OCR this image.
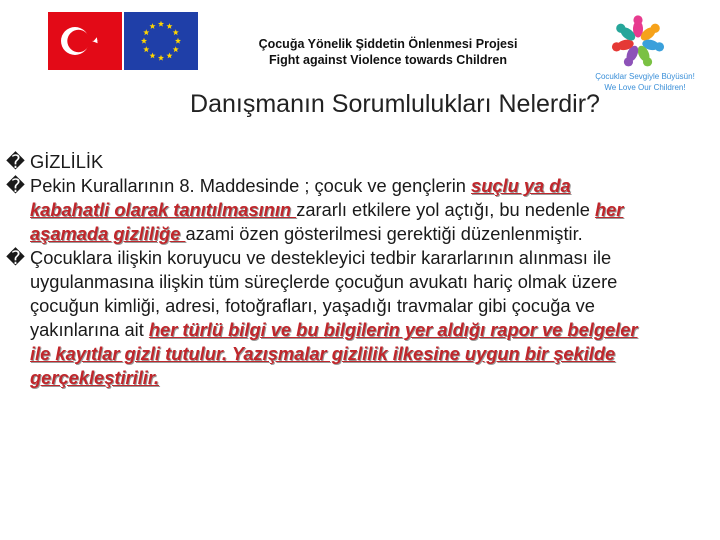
Çocuğa Yönelik Şiddetin Önlenmesi Projesi
Fight against Violence towards Children
Çocuklar Sevgiyle Büyüsün!
We Love Our Children!
Danışmanın Sorumlulukları Nelerdir?
� GİZLİLİK
� Pekin Kurallarının 8. Maddesinde ; çocuk ve gençlerin suçlu ya da kabahatli olarak tanıtılmasının zararlı etkilere yol açtığı, bu nedenle her aşamada gizliliğe azami özen gösterilmesi gerektiği düzenlenmiştir.
� Çocuklara ilişkin koruyucu ve destekleyici tedbir kararlarının alınması ile uygulanmasına ilişkin tüm süreçlerde çocuğun avukatı hariç olmak üzere çocuğun kimliği, adresi, fotoğrafları, yaşadığı travmalar gibi çocuğa ve yakınlarına ait her türlü bilgi ve bu bilgilerin yer aldığı rapor ve belgeler ile kayıtlar gizli tutulur. Yazışmalar gizlilik ilkesine uygun bir şekilde gerçekleştirilir.
